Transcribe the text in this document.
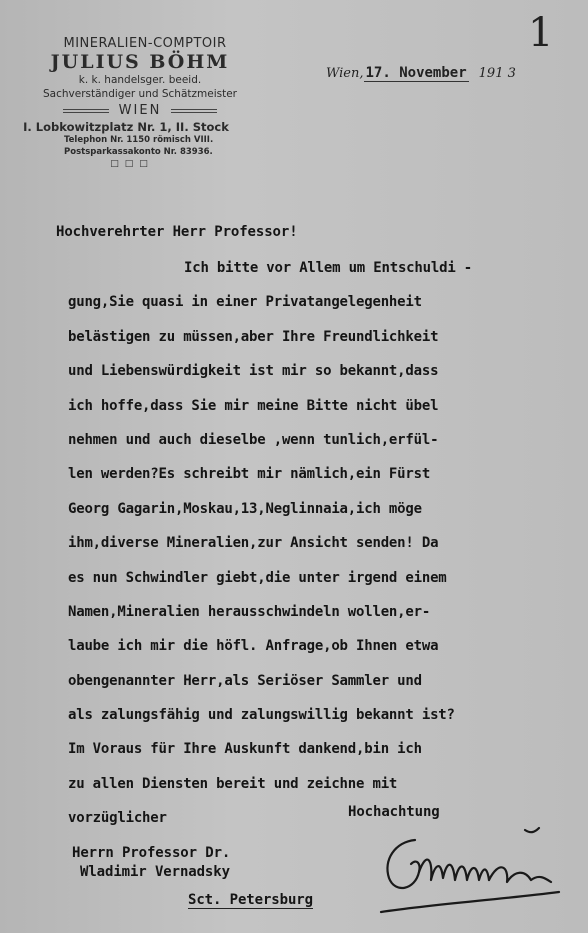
MINERALIEN-COMPTOIR
JULIUS BÖHM
k. k. handelsger. beeid.
Sachverständiger und Schätzmeister
WIEN
I. Lobkowitzplatz Nr. 1, II. Stock
Telephon Nr. 1150 römisch VIII.
Postsparkassakonto Nr. 83936.
□□□
1
Wien, 17. November 191 3
Hochverehrter Herr Professor!
Ich bitte vor Allem um Entschuldi -
gung,Sie quasi in einer Privatangelegenheit
belästigen zu müssen,aber Ihre Freundlichkeit
und Liebenswürdigkeit ist mir so bekannt,dass
ich hoffe,dass Sie mir meine Bitte nicht übel
nehmen und auch dieselbe ,wenn tunlich,erfül-
len werden?Es schreibt mir nämlich,ein Fürst
Georg Gagarin,Moskau,13,Neglinnaia,ich möge
ihm,diverse Mineralien,zur Ansicht senden! Da
es nun Schwindler giebt,die unter irgend einem
Namen,Mineralien herausschwindeln wollen,er-
laube ich mir die höfl. Anfrage,ob Ihnen etwa
obengenannter Herr,als Seriöser Sammler und
als zalungsfähig und zalungswillig bekannt ist?
Im Voraus für Ihre Auskunft dankend,bin ich
zu allen Diensten bereit und zeichne mit
vorzüglicher	Hochachtung
Herrn Professor Dr.
Wladimir Vernadsky
Sct. Petersburg
